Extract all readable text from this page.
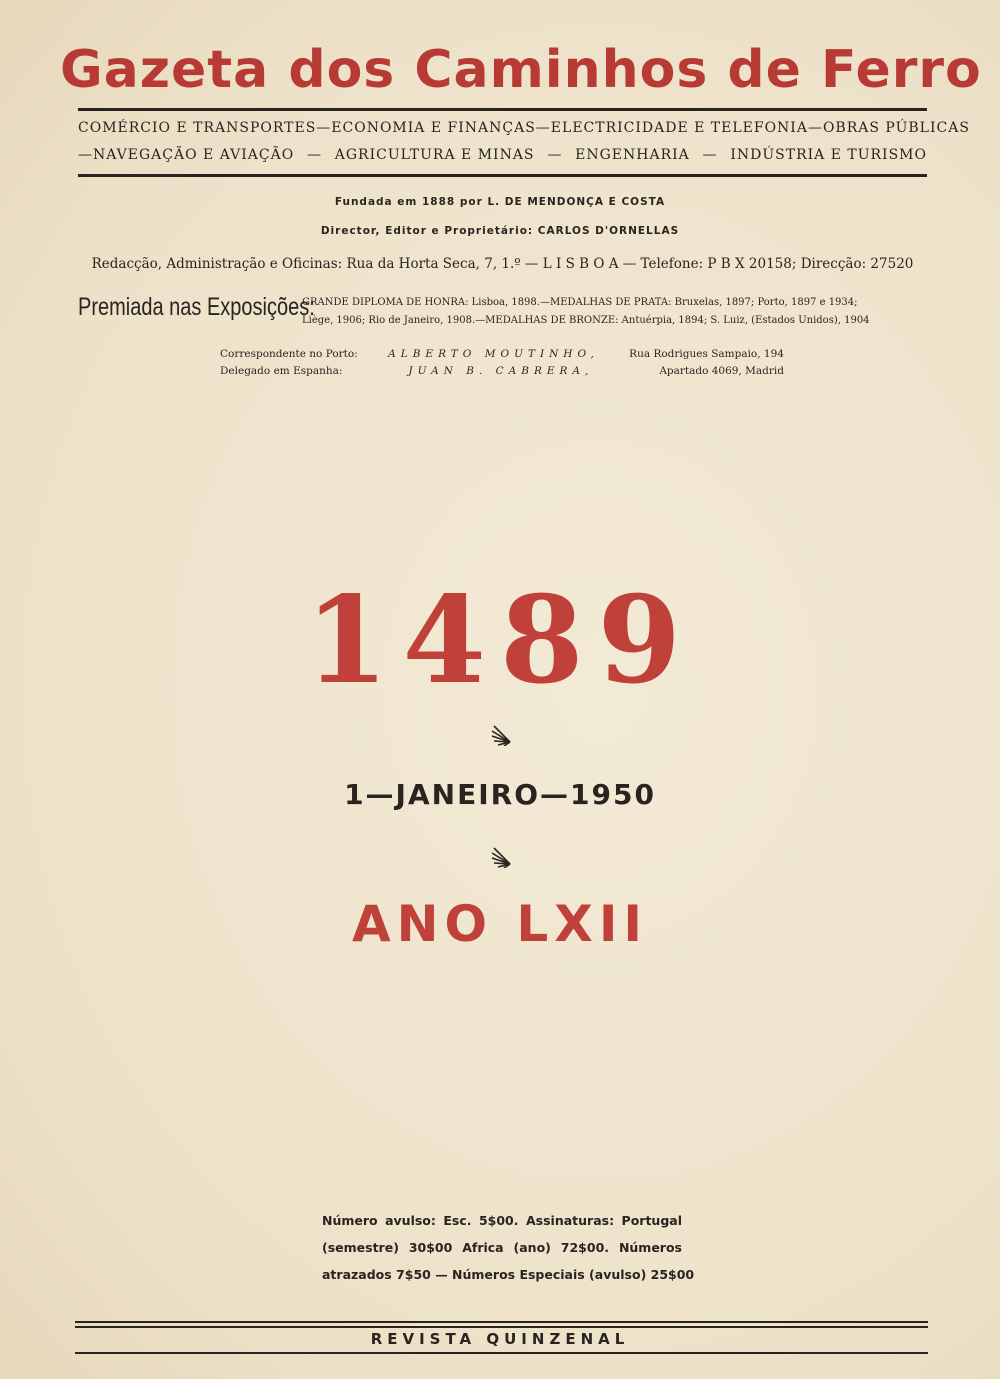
Gazeta dos Caminhos de Ferro
COMÉRCIO E TRANSPORTES — ECONOMIA E FINANÇAS — ELECTRICIDADE E TELEFONIA — OBRAS PÚBLICAS
—NAVEGAÇÃO E AVIAÇÃO — AGRICULTURA E MINAS — ENGENHARIA — INDÚSTRIA E TURISMO
Fundada em 1888 por L. DE MENDONÇA E COSTA
Director, Editor e Proprietário: CARLOS D'ORNELLAS
Redacção, Administração e Oficinas: Rua da Horta Seca, 7, 1.º — L I S B O A — Telefone: P B X 20158; Direcção: 27520
Premiada nas Exposições:
GRANDE DIPLOMA DE HONRA: Lisboa, 1898.—MEDALHAS DE PRATA: Bruxelas, 1897; Porto, 1897 e 1934;
Liège, 1906; Rio de Janeiro, 1908.—MEDALHAS DE BRONZE: Antuérpia, 1894; S. Luiz, (Estados Unidos), 1904
Correspondente no Porto:	ALBERTO MOUTINHO,	Rua Rodrigues Sampaio, 194
Delegado em Espanha:	JUAN B. CABRERA,	Apartado 4069, Madrid
1489
1—JANEIRO—1950
ANO LXII
Número avulso: Esc. 5$00. Assinaturas: Portugal
(semestre) 30$00 Africa (ano) 72$00. Números
atrazados 7$50 — Números Especiais (avulso) 25$00
REVISTA QUINZENAL
